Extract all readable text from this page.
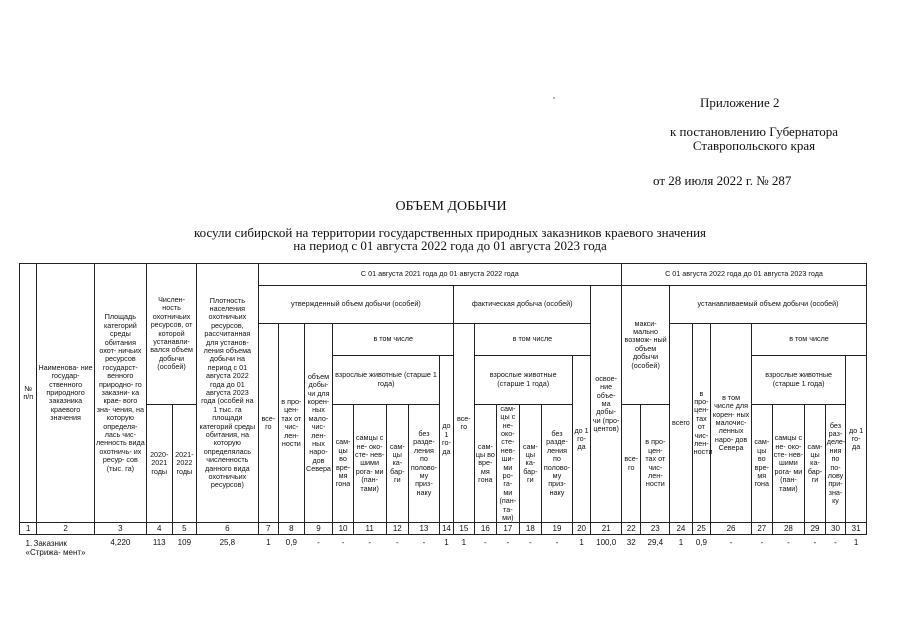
Приложение 2
к постановлению Губернатора
Ставропольского края
от 28 июля 2022 г. № 287
ОБЪЕМ ДОБЫЧИ
косули сибирской на территории государственных природных заказников краевого значения
на период с 01 августа 2022 года до 01 августа 2023 года
№ п/п	Наименова- ние государ- ственного природного заказника краевого значения	Площадь категорий среды обитания охот- ничьих ресурсов государст- венного природно- го заказни- ка крае- вого зна- чения, на которую определя- лась чис- ленность вида охотничь- их ресур- сов (тыс. га)	Числен- ность охотничьих ресурсов, от которой устанавли- вался объем добычи (особей)		Плотность населения охотничьих ресурсов, рассчитанная для установ- ления объема добычи на период с 01 августа 2022 года до 01 августа 2023 года (особей на 1 тыс. га площади категорий среды обитания, на которую определялась численность данного вида охотничьих ресурсов)	С 01 августа 2021 года до 01 августа 2022 года															С 01 августа 2022 года до 01 августа 2023 года									
						утвержденный объем добычи (особей)								фактическая добыча (особей)						освое- ние объе- ма добы- чи (про- центов)	макси- мально возмож- ный объем добычи (особей)		устанавливаемый объем добычи (особей)							
						все- го	в про- цен- тах от чис- лен- ности	объем добы- чи для корен- ных мало- чис- лен- ных наро- дов Севера	в том числе					все- го	в том числе								всего	в про- цен- тах от чис- лен- ности	в том числе для корен- ных малочис- ленных наро- дов Севера	в том числе				
									взрослые животные (старше 1 года)				до 1 го- да		взрослые животные (старше 1 года)				до 1 го- да							взрослые животные (старше 1 года)				до 1 го- да
			2020- 2021 годы	2021- 2022 годы					сам- цы во вре- мя гона	самцы с не- око- сте- нев- шими рога- ми (пан- тами)	сам- цы ка- бар- ги	без разде- ления по полово- му приз- наку			сам- цы во вре- мя гона	сам- цы с не- око- сте- нев- ши- ми ро- га- ми (пан- та- ми)	сам- цы ка- бар- ги	без разде- ления по полово- му приз- наку			все- го	в про- цен- тах от чис- лен- ности				сам- цы во вре- мя гона	самцы с не- око- сте- нев- шими рога- ми (пан- тами)	сам- цы ка- бар- ги	без раз- деле- ния по по- лову при- зна- ку	

1	2	3	4	5	6	7	8	9	10	11	12	13	14	15	16	17	18	19	20	21	22	23	24	25	26	27	28	29	30	31
1.Заказник «Стрижа- мент»		4,220	113	109	25,8	1	0,9	-	-	-	-	-	1	1	-	-	-	-	1	100,0	32	29,4	1	0,9	-	-	-	-	-	1
